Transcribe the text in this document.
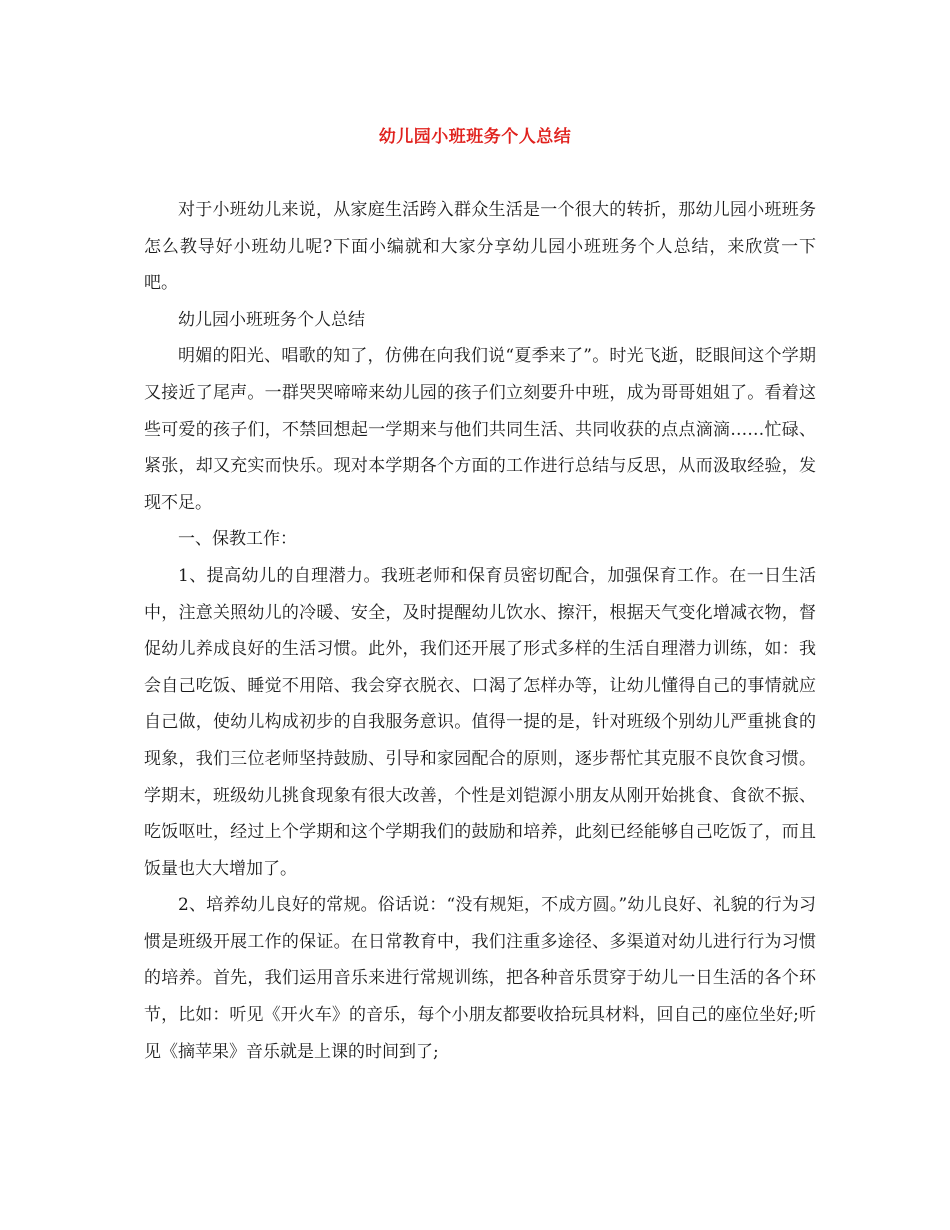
幼儿园小班班务个人总结

对于小班幼儿来说，从家庭生活跨入群众生活是一个很大的转折，那幼儿园小班班务怎么教导好小班幼儿呢?下面小编就和大家分享幼儿园小班班务个人总结，来欣赏一下吧。

幼儿园小班班务个人总结

明媚的阳光、唱歌的知了，仿佛在向我们说“夏季来了”。时光飞逝，眨眼间这个学期又接近了尾声。一群哭哭啼啼来幼儿园的孩子们立刻要升中班，成为哥哥姐姐了。看着这些可爱的孩子们，不禁回想起一学期来与他们共同生活、共同收获的点点滴滴……忙碌、紧张，却又充实而快乐。现对本学期各个方面的工作进行总结与反思，从而汲取经验，发现不足。

一、保教工作：

1、提高幼儿的自理潜力。我班老师和保育员密切配合，加强保育工作。在一日生活中，注意关照幼儿的冷暖、安全，及时提醒幼儿饮水、擦汗，根据天气变化增减衣物，督促幼儿养成良好的生活习惯。此外，我们还开展了形式多样的生活自理潜力训练，如：我会自己吃饭、睡觉不用陪、我会穿衣脱衣、口渴了怎样办等，让幼儿懂得自己的事情就应自己做，使幼儿构成初步的自我服务意识。值得一提的是，针对班级个别幼儿严重挑食的现象，我们三位老师坚持鼓励、引导和家园配合的原则，逐步帮忙其克服不良饮食习惯。学期末，班级幼儿挑食现象有很大改善，个性是刘铠源小朋友从刚开始挑食、食欲不振、吃饭呕吐，经过上个学期和这个学期我们的鼓励和培养，此刻已经能够自己吃饭了，而且饭量也大大增加了。

2、培养幼儿良好的常规。俗话说：“没有规矩，不成方圆。”幼儿良好、礼貌的行为习惯是班级开展工作的保证。在日常教育中，我们注重多途径、多渠道对幼儿进行行为习惯的培养。首先，我们运用音乐来进行常规训练，把各种音乐贯穿于幼儿一日生活的各个环节，比如：听见《开火车》的音乐，每个小朋友都要收拾玩具材料，回自己的座位坐好;听见《摘苹果》音乐就是上课的时间到了;
